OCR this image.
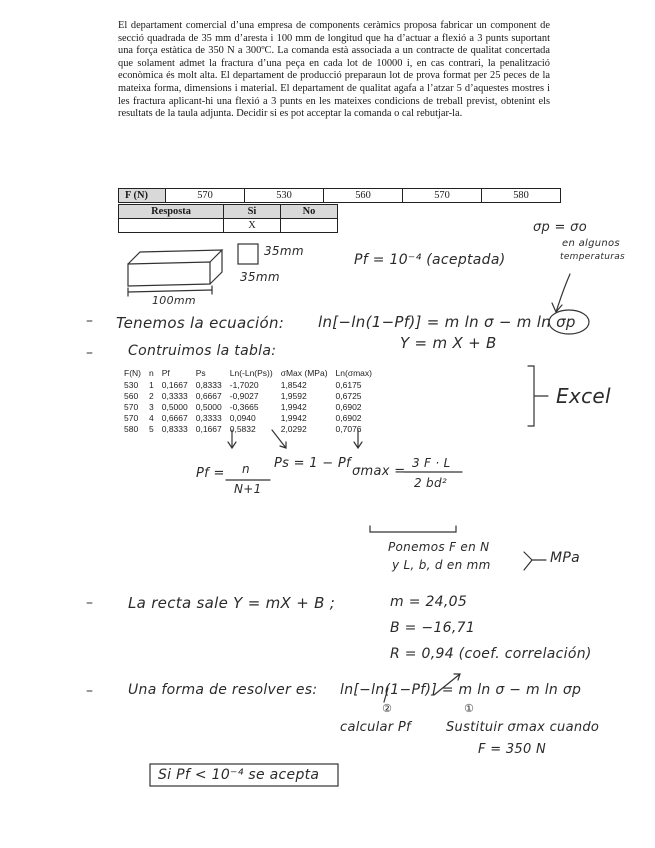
El departament comercial d’una empresa de components ceràmics proposa fabricar un component de secció quadrada de 35 mm d’aresta i 100 mm de longitud que ha d’actuar a flexió a 3 punts suportant una força estàtica de 350 N a 300ºC. La comanda està associada a un contracte de qualitat concertada que solament admet la fractura d’una peça en cada lot de 10000 i, en cas contrari, la penalització econòmica és molt alta. El departament de producció preparaun lot de prova format per 25 peces de la mateixa forma, dimensions i material. El departament de qualitat agafa a l’atzar 5 d’aquestes mostres i les fractura aplicant-hi una flexió a 3 punts en les mateixes condicions de treball previst, obtenint els resultats de la taula adjunta. Decidir si es pot acceptar la comanda o cal rebutjar-la.
F (N)	570	530	560	570	580
Resposta	Si	No
	X		σp = σo
en algunos
temperaturas
35mm
35mm
100mm
Pf = 10⁻⁴ (aceptada)
– Tenemos la ecuación: ln[−ln(1−Pf)] = m ln σ − m ln σp
Y = m X + B
–	Contruimos la tabla:
F(N)	n	Pf	Ps	Ln(-Ln(Ps))	σMax (MPa)	Ln(σmax)
530	1	0,1667	0,8333	-1,7020	1,8542	0,6175
560	2	0,3333	0,6667	-0,9027	1,9592	0,6725
570	3	0,5000	0,5000	-0,3665	1,9942	0,6902
570	4	0,6667	0,3333	0,0940	1,9942	0,6902
580	5	0,8333	0,1667	0,5832	2,0292	0,7076
Excel
Pf = n
N+1
Ps = 1 − Pf
σmax =
3 F · L
2 bd²
Ponemos F en N
y L, b, d en mm	MPa
– La recta sale Y = mX + B ;	m = 24,05
B = −16,71
R = 0,94 (coef. correlación)
–	Una forma de resolver es: ln[−ln(1−Pf)] = m ln σ − m ln σp
②	①
calcular Pf	Sustituir σmax cuando
F = 350 N
Si Pf < 10⁻⁴ se acepta
